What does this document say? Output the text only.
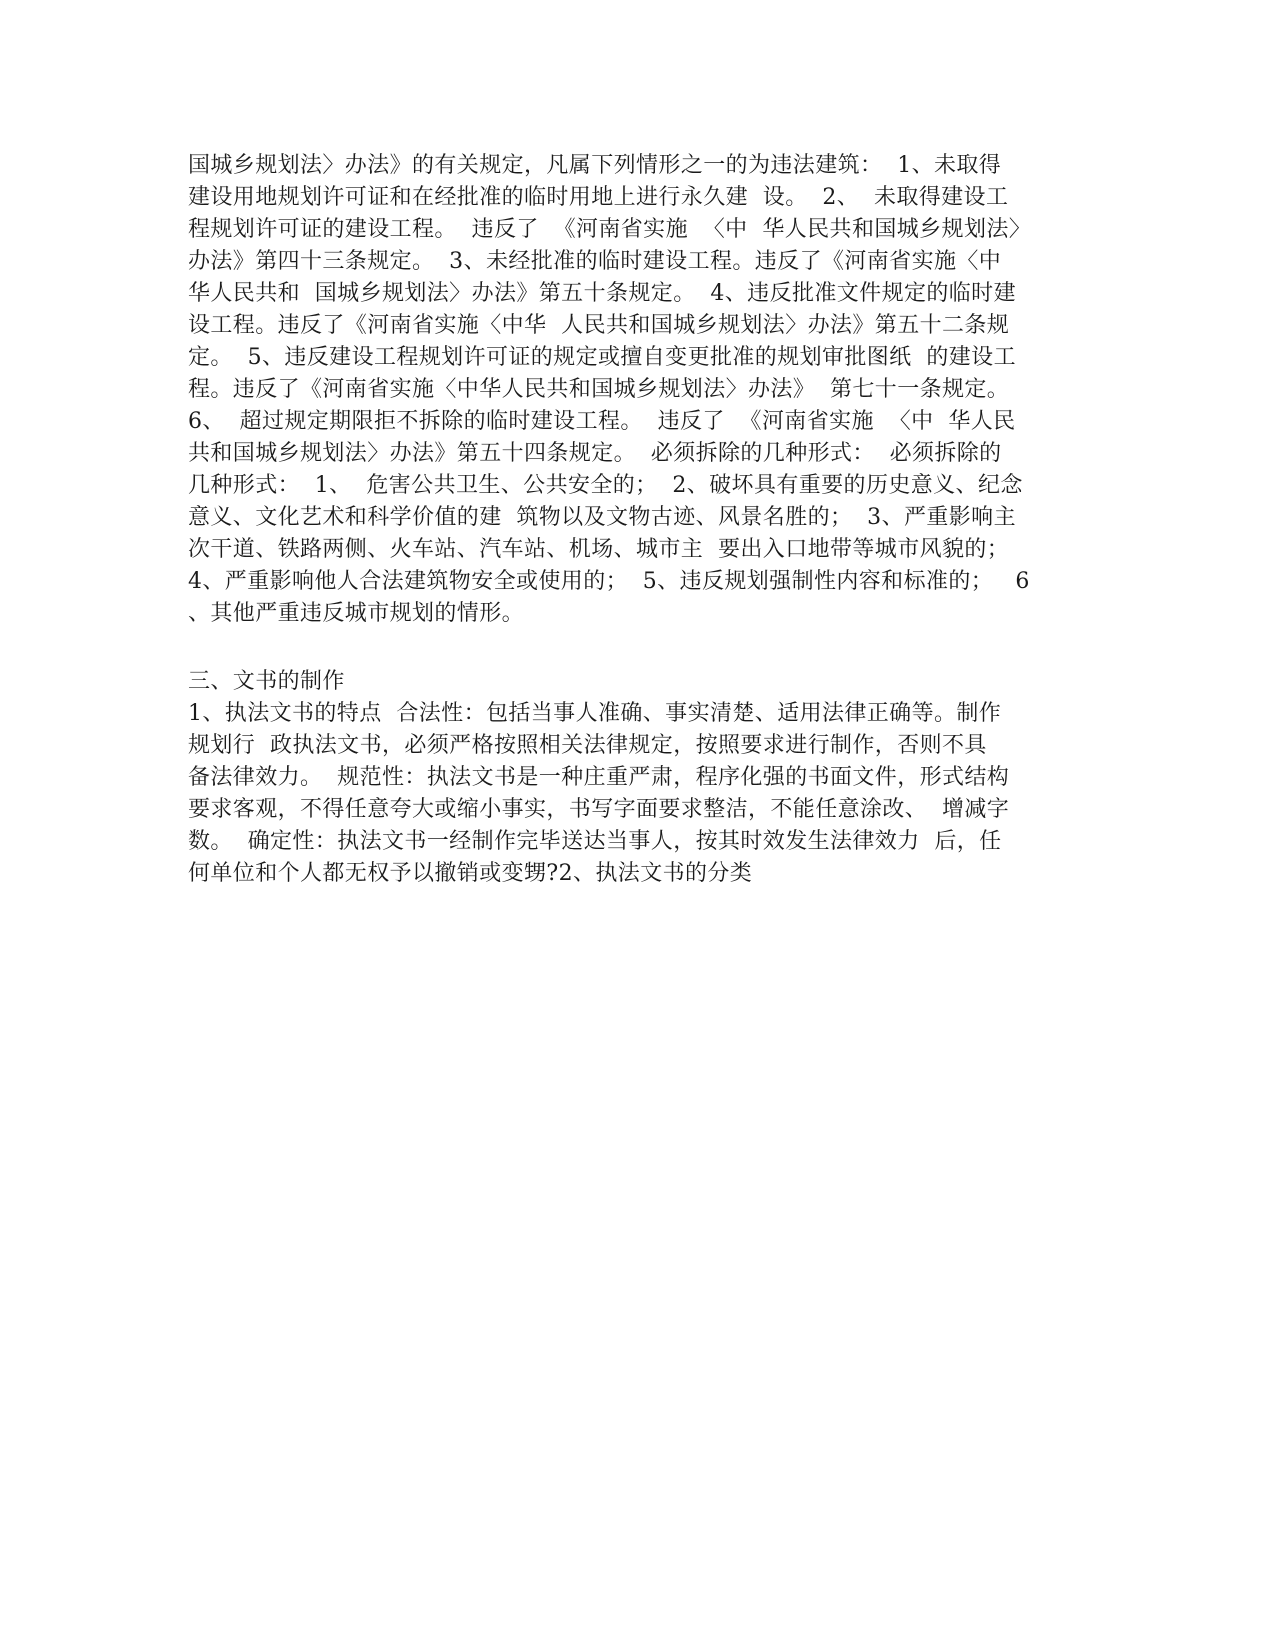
国城乡规划法〉办法》的有关规定，凡属下列情形之一的为违法建筑：  1、未取得
建设用地规划许可证和在经批准的临时用地上进行永久建  设。  2、  未取得建设工
程规划许可证的建设工程。  违反了  《河南省实施  〈中  华人民共和国城乡规划法〉
办法》第四十三条规定。  3、未经批准的临时建设工程。违反了《河南省实施〈中
华人民共和  国城乡规划法〉办法》第五十条规定。  4、违反批准文件规定的临时建
设工程。违反了《河南省实施〈中华  人民共和国城乡规划法〉办法》第五十二条规
定。  5、违反建设工程规划许可证的规定或擅自变更批准的规划审批图纸  的建设工
程。违反了《河南省实施〈中华人民共和国城乡规划法〉办法》  第七十一条规定。
6、  超过规定期限拒不拆除的临时建设工程。  违反了  《河南省实施  〈中  华人民
共和国城乡规划法〉办法》第五十四条规定。  必须拆除的几种形式：  必须拆除的
几种形式：  1、  危害公共卫生、公共安全的；  2、破坏具有重要的历史意义、纪念
意义、文化艺术和科学价值的建  筑物以及文物古迹、风景名胜的；  3、严重影响主
次干道、铁路两侧、火车站、汽车站、机场、城市主  要出入口地带等城市风貌的；
4、严重影响他人合法建筑物安全或使用的；  5、违反规划强制性内容和标准的；   6
、其他严重违反城市规划的情形。
三、文书的制作
1、执法文书的特点  合法性：包括当事人准确、事实清楚、适用法律正确等。制作
规划行  政执法文书，必须严格按照相关法律规定，按照要求进行制作，否则不具
备法律效力。  规范性：执法文书是一种庄重严肃，程序化强的书面文件，形式结构
要求客观，不得任意夸大或缩小事实，书写字面要求整洁，不能任意涂改、  增减字
数。  确定性：执法文书一经制作完毕送达当事人，按其时效发生法律效力  后，任
何单位和个人都无权予以撤销或变甥?2、执法文书的分类
